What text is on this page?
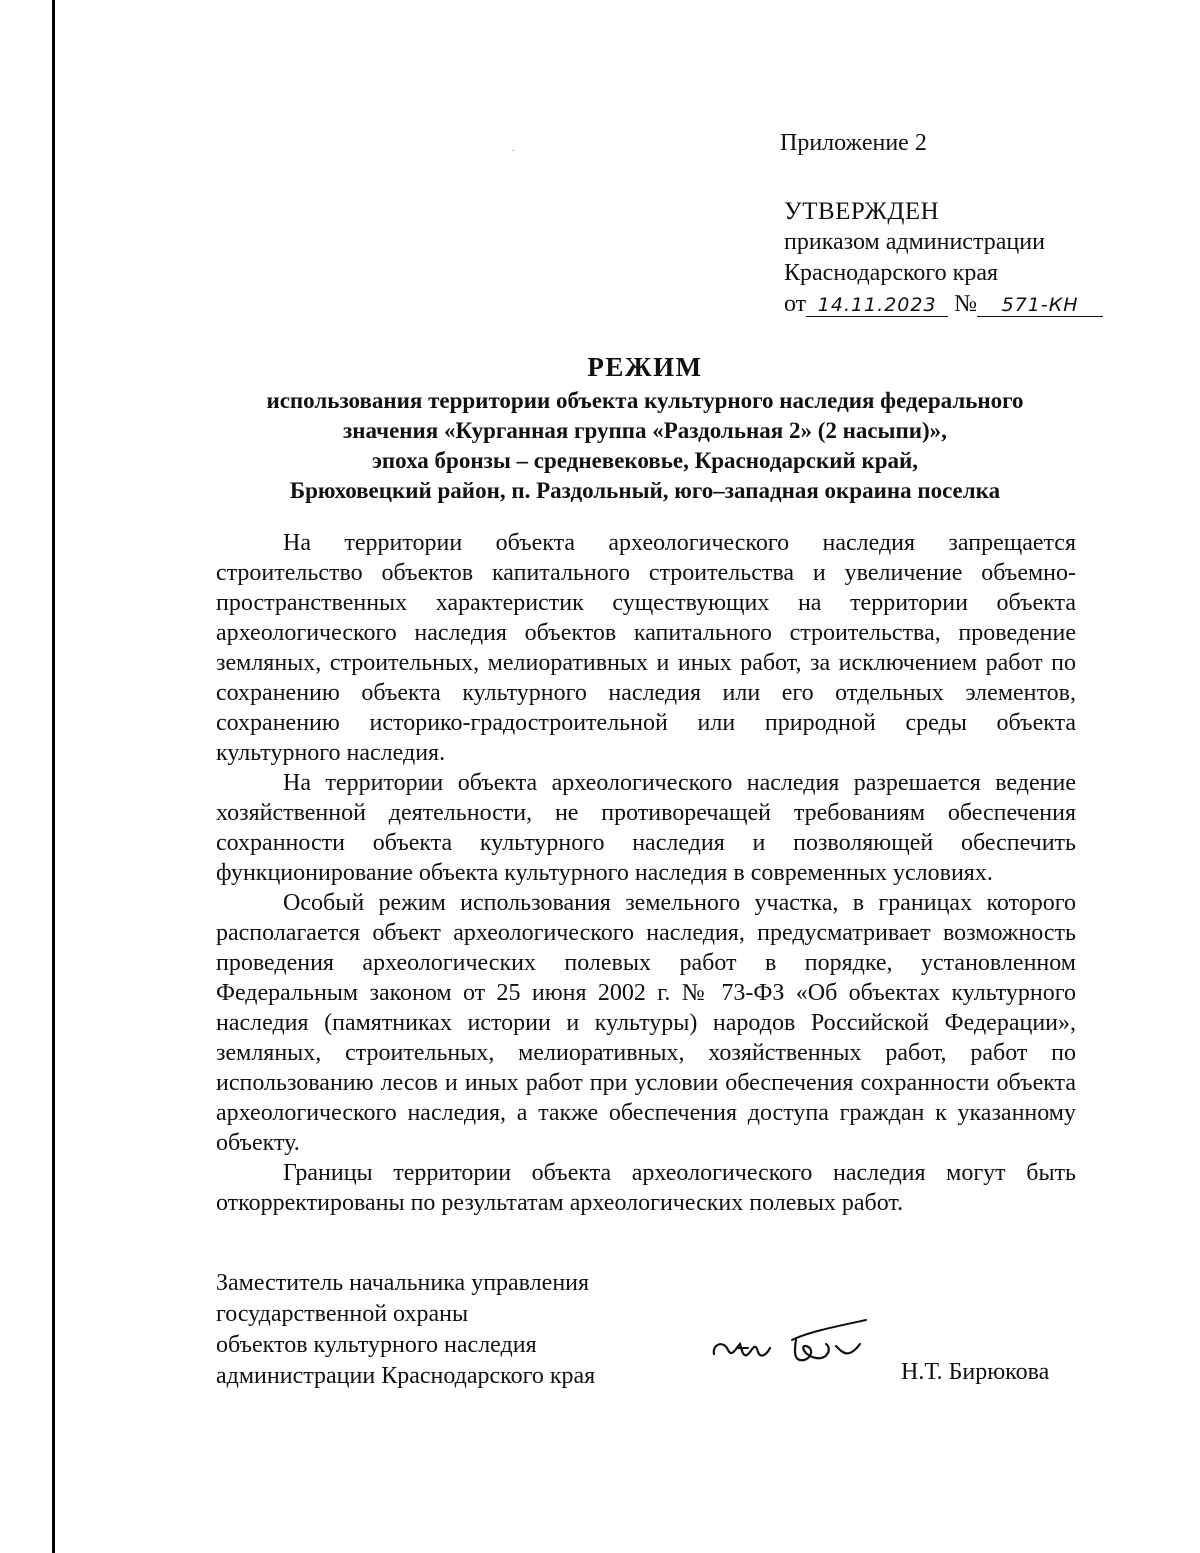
Приложение 2
УТВЕРЖДЕН
приказом администрации
Краснодарского края
от 14.11.2023 № 571-КН
РЕЖИМ
использования территории объекта культурного наследия федерального
значения «Курганная группа «Раздольная 2» (2 насыпи)»,
эпоха бронзы – средневековье, Краснодарский край,
Брюховецкий район, п. Раздольный, юго–западная окраина поселка

На территории объекта археологического наследия запрещается строительство объектов капитального строительства и увеличение объемно-пространственных характеристик существующих на территории объекта археологического наследия объектов капитального строительства, проведение земляных, строительных, мелиоративных и иных работ, за исключением работ по сохранению объекта культурного наследия или его отдельных элементов, сохранению историко-градостроительной или природной среды объекта культурного наследия.

На территории объекта археологического наследия разрешается ведение хозяйственной деятельности, не противоречащей требованиям обеспечения сохранности объекта культурного наследия и позволяющей обеспечить функционирование объекта культурного наследия в современных условиях.

Особый режим использования земельного участка, в границах которого располагается объект археологического наследия, предусматривает возможность проведения археологических полевых работ в порядке, установленном Федеральным законом от 25 июня 2002 г. № 73-ФЗ «Об объектах культурного наследия (памятниках истории и культуры) народов Российской Федерации», земляных, строительных, мелиоративных, хозяйственных работ, работ по использованию лесов и иных работ при условии обеспечения сохранности объекта археологического наследия, а также обеспечения доступа граждан к указанному объекту.

Границы территории объекта археологического наследия могут быть откорректированы по результатам археологических полевых работ.

Заместитель начальника управления
государственной охраны
объектов культурного наследия
администрации Краснодарского края	Н.Т. Бирюкова
